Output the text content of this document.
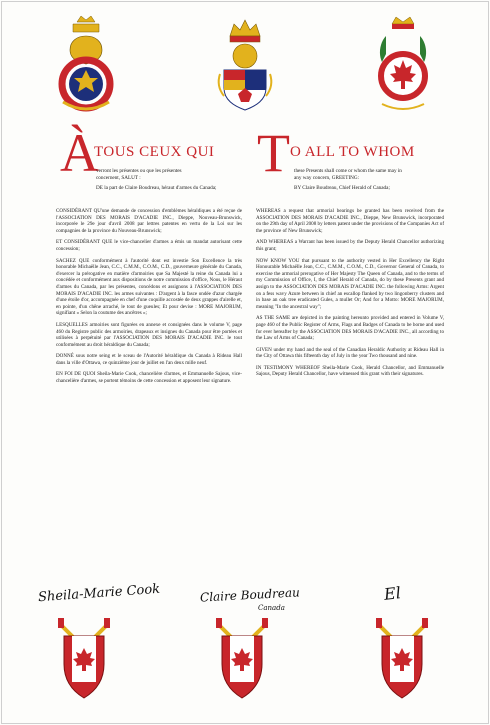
À
TOUS CEUX QUI T O ALL TO WHOM
verront les présentes ou que les présentes
concernent, SALUT :
DE la part de Claire Boudreau, héraut d'armes du Canada;
these Presents shall come or whom the same may in
any way concern, GREETING:
BY Claire Boudreau, Chief Herald of Canada;

CONSIDÉRANT QU'une demande de concession d'emblèmes héraldiques a été reçue de l'ASSOCIATION DES MORAIS D'ACADIE INC., Dieppe, Nouveau-Brunswick, incorporée le 29e jour d'avril 2008 par lettres patentes en vertu de la Loi sur les compagnies de la province du Nouveau-Brunswick;

ET CONSIDÉRANT QUE le vice-chancelier d'armes a émis un mandat autorisant cette concession;

SACHEZ QUE conformément à l'autorité dont est investie Son Excellence la très honorable Michaëlle Jean, C.C., C.M.M., C.O.M., C.D., gouverneure générale du Canada, d'exercer la prérogative en matière d'armoiries que Sa Majesté la reine du Canada lui a concédée et conformément aux dispositions de notre commission d'office, Nous, le Héraut d'armes du Canada, par les présentes, concédons et assignons à l'ASSOCIATION DES MORAIS D'ACADIE INC. les armes suivantes : D'argent à la fasce ondée d'azur chargée d'une étoile d'or, accompagnée en chef d'une coquille accostée de deux grappes d'airelle et, en pointe, d'un chêne arraché, le tout de gueules; Et pour devise : MORE MAJORUM, signifiant « Selon la coutume des ancêtres »;

LESQUELLES armoiries sont figurées en annexe et consignées dans le volume V, page 460 du Registre public des armoiries, drapeaux et insignes du Canada pour être portées et utilisées à perpétuité par l'ASSOCIATION DES MORAIS D'ACADIE INC. le tout conformément au droit héraldique du Canada;

DONNÉ sous notre seing et le sceau de l'Autorité héraldique du Canada à Rideau Hall dans la ville d'Ottawa, ce quinzième jour de juillet en l'an deux mille neuf.

EN FOI DE QUOI Sheila-Marie Cook, chancelière d'armes, et Emmanuelle Sajous, vice-chancelière d'armes, se portent témoins de cette concession et apposent leur signature.

WHEREAS a request that armorial bearings be granted has been received from the ASSOCIATION DES MORAIS D'ACADIE INC., Dieppe, New Brunswick, incorporated on the 29th day of April 2008 by letters patent under the provisions of the Companies Act of the province of New Brunswick;

AND WHEREAS a Warrant has been issued by the Deputy Herald Chancellor authorizing this grant;

NOW KNOW YOU that pursuant to the authority vested in Her Excellency the Right Honourable Michaëlle Jean, C.C., C.M.M., C.O.M., C.D., Governor General of Canada, to exercise the armorial prerogative of Her Majesty The Queen of Canada, and to the terms of my Commission of Office, I, the Chief Herald of Canada, do by these Presents grant and assign to the ASSOCIATION DES MORAIS D'ACADIE INC. the following Arms: Argent on a fess wavy Azure between in chief an escallop flanked by two lingonberry clusters and in base an oak tree eradicated Gules, a mullet Or; And for a Motto: MORE MAJORUM, meaning "In the ancestral way";

AS THE SAME are depicted in the painting hereunto provided and entered in Volume V, page 460 of the Public Register of Arms, Flags and Badges of Canada to be borne and used for ever hereafter by the ASSOCIATION DES MORAIS D'ACADIE INC., all according to the Law of Arms of Canada;

GIVEN under my hand and the seal of the Canadian Heraldic Authority at Rideau Hall in the City of Ottawa this fifteenth day of July in the year Two thousand and nine.

IN TESTIMONY WHEREOF Sheila-Marie Cook, Herald Chancellor, and Emmanuelle Sajous, Deputy Herald Chancellor, have witnessed this grant with their signatures.

Sheila-Marie Cook	Claire Boudreau
Canada
El
